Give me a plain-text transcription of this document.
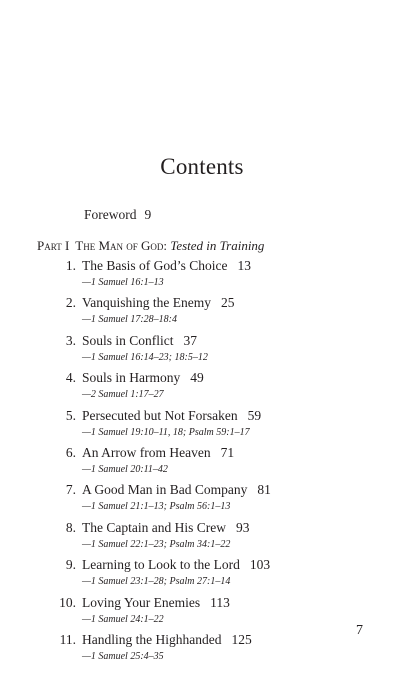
Contents
Foreword 9
Part I The Man of God: Tested in Training
1. The Basis of God’s Choice 13
—1 Samuel 16:1–13
2. Vanquishing the Enemy 25
—1 Samuel 17:28–18:4
3. Souls in Conflict 37
—1 Samuel 16:14–23; 18:5–12
4. Souls in Harmony 49
—2 Samuel 1:17–27
5. Persecuted but Not Forsaken 59
—1 Samuel 19:10–11, 18; Psalm 59:1–17
6. An Arrow from Heaven 71
—1 Samuel 20:11–42
7. A Good Man in Bad Company 81
—1 Samuel 21:1–13; Psalm 56:1–13
8. The Captain and His Crew 93
—1 Samuel 22:1–23; Psalm 34:1–22
9. Learning to Look to the Lord 103
—1 Samuel 23:1–28; Psalm 27:1–14
10. Loving Your Enemies 113
—1 Samuel 24:1–22
11. Handling the Highhanded 125
—1 Samuel 25:4–35
7
